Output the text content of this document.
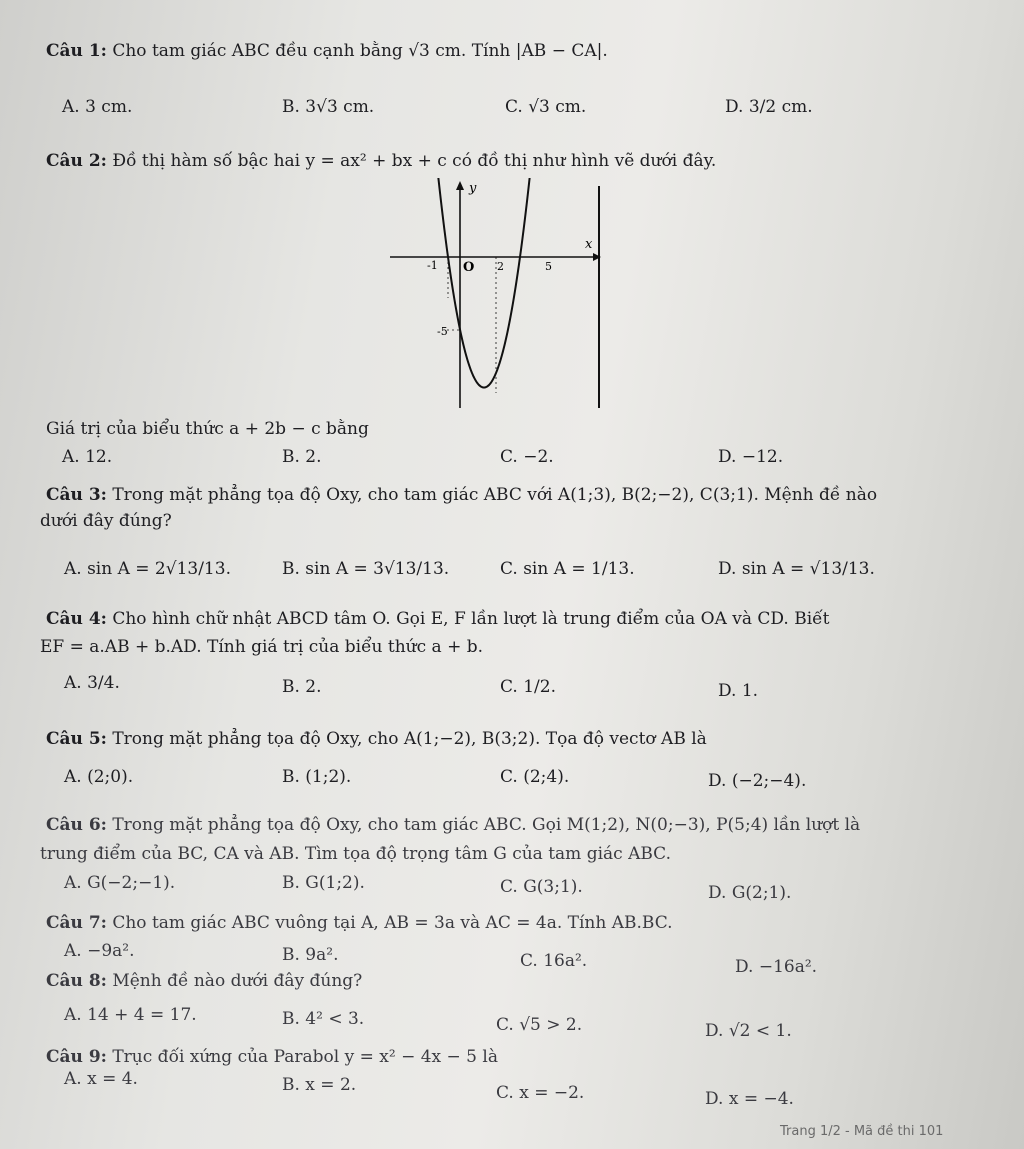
Câu 1: Cho tam giác ABC đều cạnh bằng √3 cm. Tính |AB − CA|.
A. 3 cm.	B. 3√3 cm.	C. √3 cm.	D. 3/2 cm.
Câu 2: Đồ thị hàm số bậc hai y = ax² + bx + c có đồ thị như hình vẽ dưới đây.
y
x
O
-1	2	5
-5
Giá trị của biểu thức a + 2b − c bằng
A. 12.	B. 2.	C. −2.	D. −12.
Câu 3: Trong mặt phẳng tọa độ Oxy, cho tam giác ABC với A(1;3), B(2;−2), C(3;1). Mệnh đề nào
dưới đây đúng?
A. sin A = 2√13/13.	B. sin A = 3√13/13.	C. sin A = 1/13.	D. sin A = √13/13.
Câu 4: Cho hình chữ nhật ABCD tâm O. Gọi E, F lần lượt là trung điểm của OA và CD. Biết
EF = a.AB + b.AD. Tính giá trị của biểu thức a + b.
A. 3/4.	B. 2.	C. 1/2.	D. 1.
Câu 5: Trong mặt phẳng tọa độ Oxy, cho A(1;−2), B(3;2). Tọa độ vectơ AB là
A. (2;0).	B. (1;2).	C. (2;4).	D. (−2;−4).
Câu 6: Trong mặt phẳng tọa độ Oxy, cho tam giác ABC. Gọi M(1;2), N(0;−3), P(5;4) lần lượt là
trung điểm của BC, CA và AB. Tìm tọa độ trọng tâm G của tam giác ABC.
A. G(−2;−1).	B. G(1;2).	C. G(3;1).	D. G(2;1).
Câu 7: Cho tam giác ABC vuông tại A, AB = 3a và AC = 4a. Tính AB.BC.
A. −9a².	B. 9a².	C. 16a².	D. −16a².
Câu 8: Mệnh đề nào dưới đây đúng?
A. 14 + 4 = 17.	B. 4² < 3.	C. √5 > 2.	D. √2 < 1.
Câu 9: Trục đối xứng của Parabol y = x² − 4x − 5 là
A. x = 4.	B. x = 2.	C. x = −2.	D. x = −4.
Trang 1/2 - Mã đề thi 101
